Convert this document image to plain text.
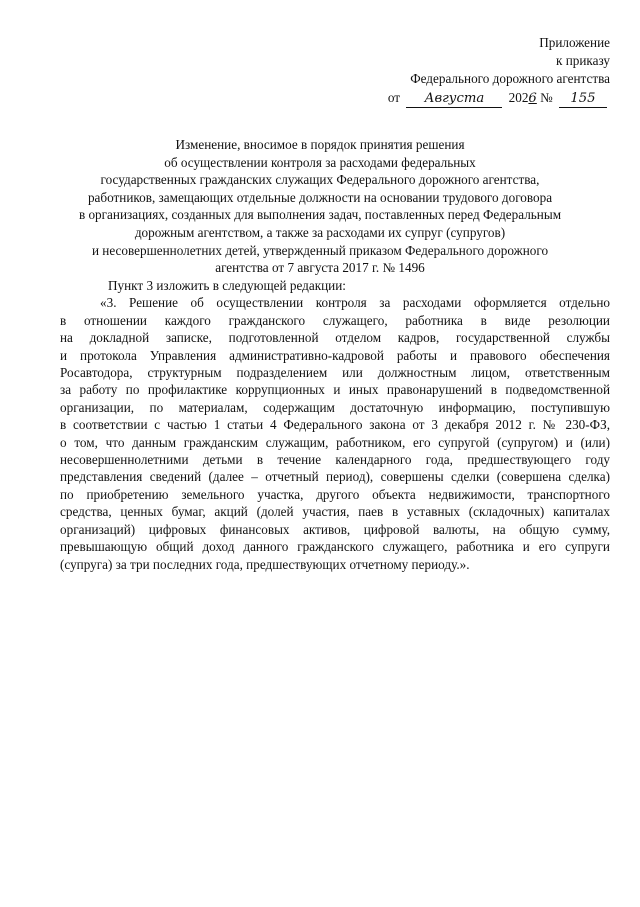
Приложение
к приказу
Федерального дорожного агентства
от Августа 2026 № 155
Изменение, вносимое в порядок принятия решения
об осуществлении контроля за расходами федеральных
государственных гражданских служащих Федерального дорожного агентства,
работников, замещающих отдельные должности на основании трудового договора
в организациях, созданных для выполнения задач, поставленных перед Федеральным
дорожным агентством, а также за расходами их супруг (супругов)
и несовершеннолетних детей, утвержденный приказом Федерального дорожного
агентства от 7 августа 2017 г. № 1496
Пункт 3 изложить в следующей редакции:
«3. Решение об осуществлении контроля за расходами оформляется отдельно
в отношении каждого гражданского служащего, работника в виде резолюции
на докладной записке, подготовленной отделом кадров, государственной службы
и протокола Управления административно-кадровой работы и правового обеспечения
Росавтодора, структурным подразделением или должностным лицом, ответственным
за работу по профилактике коррупционных и иных правонарушений в подведомственной
организации, по материалам, содержащим достаточную информацию, поступившую
в соответствии с частью 1 статьи 4 Федерального закона от 3 декабря 2012 г. № 230-ФЗ,
о том, что данным гражданским служащим, работником, его супругой (супругом) и (или)
несовершеннолетними детьми в течение календарного года, предшествующего году
представления сведений (далее – отчетный период), совершены сделки (совершена сделка)
по приобретению земельного участка, другого объекта недвижимости, транспортного
средства, ценных бумаг, акций (долей участия, паев в уставных (складочных) капиталах
организаций) цифровых финансовых активов, цифровой валюты, на общую сумму,
превышающую общий доход данного гражданского служащего, работника и его супруги
(супруга) за три последних года, предшествующих отчетному периоду.».
